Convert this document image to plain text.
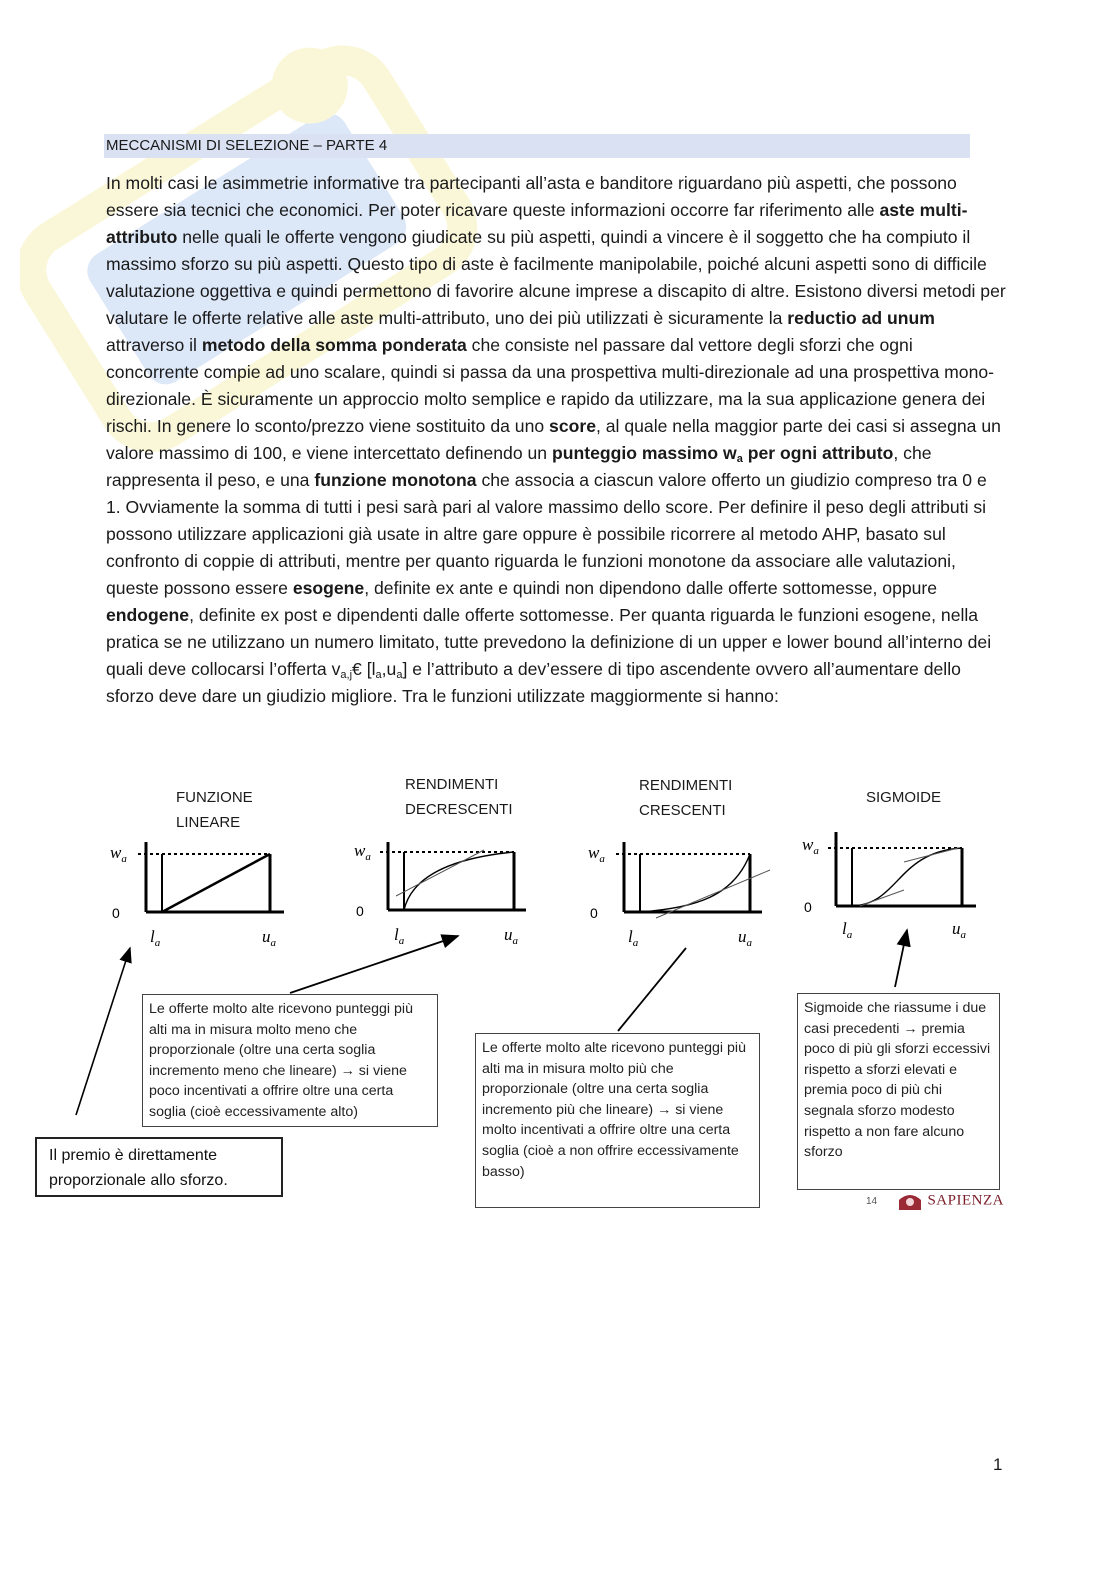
MECCANISMI DI SELEZIONE – PARTE 4

In molti casi le asimmetrie informative tra partecipanti all’asta e banditore riguardano più aspetti, che possono essere sia tecnici che economici. Per poter ricavare queste informazioni occorre far riferimento alle aste multi-attributo nelle quali le offerte vengono giudicate su più aspetti, quindi a vincere è il soggetto che ha compiuto il massimo sforzo su più aspetti. Questo tipo di aste è facilmente manipolabile, poiché alcuni aspetti sono di difficile valutazione oggettiva e quindi permettono di favorire alcune imprese a discapito di altre. Esistono diversi metodi per valutare le offerte relative alle aste multi-attributo, uno dei più utilizzati è sicuramente la reductio ad unum attraverso il metodo della somma ponderata che consiste nel passare dal vettore degli sforzi che ogni concorrente compie ad uno scalare, quindi si passa da una prospettiva multi-direzionale ad una prospettiva mono-direzionale. È sicuramente un approccio molto semplice e rapido da utilizzare, ma la sua applicazione genera dei rischi. In genere lo sconto/prezzo viene sostituito da uno score, al quale nella maggior parte dei casi si assegna un valore massimo di 100, e viene intercettato definendo un punteggio massimo $w_a$ per ogni attributo, che rappresenta il peso, e una funzione monotona che associa a ciascun valore offerto un giudizio compreso tra 0 e 1. Ovviamente la somma di tutti i pesi sarà pari al valore massimo dello score. Per definire il peso degli attributi si possono utilizzare applicazioni già usate in altre gare oppure è possibile ricorrere al metodo AHP, basato sul confronto di coppie di attributi, mentre per quanto riguarda le funzioni monotone da associare alle valutazioni, queste possono essere esogene, definite ex ante e quindi non dipendono dalle offerte sottomesse, oppure endogene, definite ex post e dipendenti dalle offerte sottomesse. Per quanta riguarda le funzioni esogene, nella pratica se ne utilizzano un numero limitato, tutte prevedono la definizione di un upper e lower bound all’interno dei quali deve collocarsi l’offerta $v_{a,j}€$ $[l_a,u_a]$ e l’attributo a dev’essere di tipo ascendente ovvero all’aumentare dello sforzo deve dare un giudizio migliore. Tra le funzioni utilizzate maggiormente si hanno:

FUNZIONE
LINEARE
RENDIMENTI
DECRESCENTI
RENDIMENTI
CRESCENTI
SIGMOIDE
$w_a$
0
$l_a$	$u_a$
$w_a$
0
$l_a$	$u_a$
$w_a$
0
$l_a$	$u_a$
$w_a$
0
$l_a$	$u_a$
Le offerte molto alte ricevono punteggi più alti ma in misura molto meno che proporzionale (oltre una certa soglia incremento meno che lineare) → si viene poco incentivati a offrire oltre una certa soglia (cioè eccessivamente alto)
Il premio è direttamente proporzionale allo sforzo.
Le offerte molto alte ricevono punteggi più alti ma in misura molto più che proporzionale (oltre una certa soglia incremento più che lineare) → si viene molto incentivati a offrire oltre una certa soglia (cioè a non offrire eccessivamente basso)
Sigmoide che riassume i due casi precedenti → premia poco di più gli sforzi eccessivi rispetto a sforzi elevati e premia poco di più chi segnala sforzo modesto rispetto a non fare alcuno sforzo
14	SAPIENZA
1
